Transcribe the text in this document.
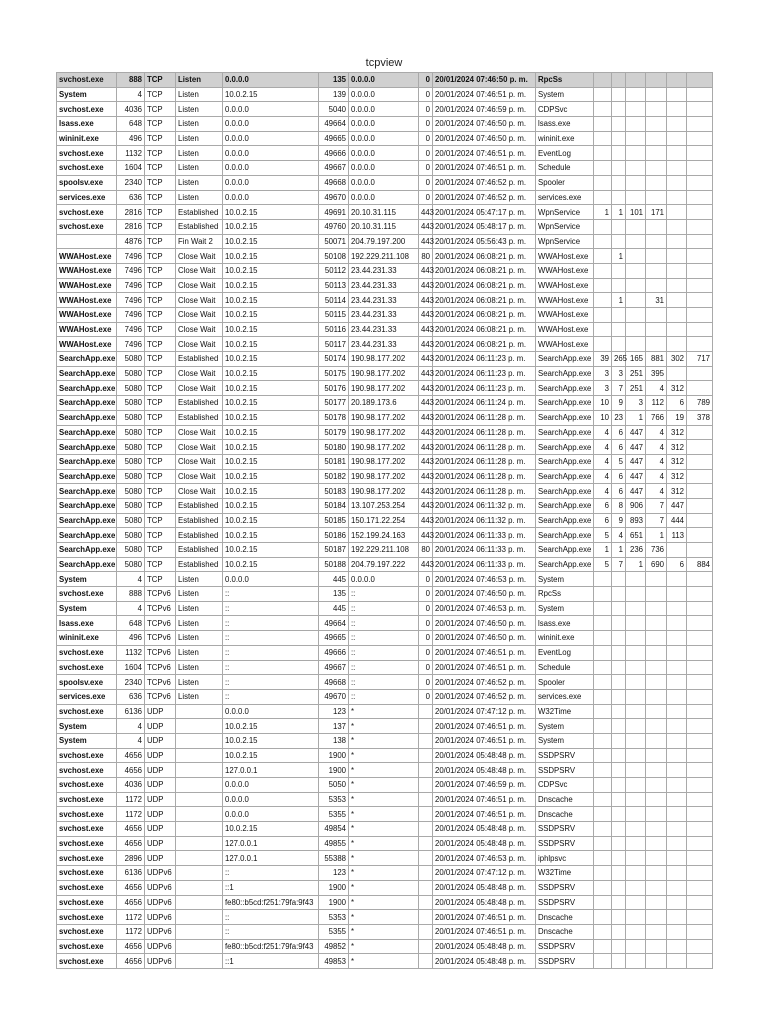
tcpview
svchost.exe	888	TCP	Listen	0.0.0.0	135	0.0.0.0	0	20/01/2024 07:46:50 p. m.	RpcSs						
System	4	TCP	Listen	10.0.2.15	139	0.0.0.0	0	20/01/2024 07:46:51 p. m.	System						
svchost.exe	4036	TCP	Listen	0.0.0.0	5040	0.0.0.0	0	20/01/2024 07:46:59 p. m.	CDPSvc						
lsass.exe	648	TCP	Listen	0.0.0.0	49664	0.0.0.0	0	20/01/2024 07:46:50 p. m.	lsass.exe						
wininit.exe	496	TCP	Listen	0.0.0.0	49665	0.0.0.0	0	20/01/2024 07:46:50 p. m.	wininit.exe						
svchost.exe	1132	TCP	Listen	0.0.0.0	49666	0.0.0.0	0	20/01/2024 07:46:51 p. m.	EventLog						
svchost.exe	1604	TCP	Listen	0.0.0.0	49667	0.0.0.0	0	20/01/2024 07:46:51 p. m.	Schedule						
spoolsv.exe	2340	TCP	Listen	0.0.0.0	49668	0.0.0.0	0	20/01/2024 07:46:52 p. m.	Spooler						
services.exe	636	TCP	Listen	0.0.0.0	49670	0.0.0.0	0	20/01/2024 07:46:52 p. m.	services.exe						
svchost.exe	2816	TCP	Established	10.0.2.15	49691	20.10.31.115	443	20/01/2024 05:47:17 p. m.	WpnService	1	1	101	171		
svchost.exe	2816	TCP	Established	10.0.2.15	49760	20.10.31.115	443	20/01/2024 05:48:17 p. m.	WpnService						
	4876	TCP	Fin Wait 2	10.0.2.15	50071	204.79.197.200	443	20/01/2024 05:56:43 p. m.	WpnService						
WWAHost.exe	7496	TCP	Close Wait	10.0.2.15	50108	192.229.211.108	80	20/01/2024 06:08:21 p. m.	WWAHost.exe		1				
WWAHost.exe	7496	TCP	Close Wait	10.0.2.15	50112	23.44.231.33	443	20/01/2024 06:08:21 p. m.	WWAHost.exe						
WWAHost.exe	7496	TCP	Close Wait	10.0.2.15	50113	23.44.231.33	443	20/01/2024 06:08:21 p. m.	WWAHost.exe						
WWAHost.exe	7496	TCP	Close Wait	10.0.2.15	50114	23.44.231.33	443	20/01/2024 06:08:21 p. m.	WWAHost.exe		1		31		
WWAHost.exe	7496	TCP	Close Wait	10.0.2.15	50115	23.44.231.33	443	20/01/2024 06:08:21 p. m.	WWAHost.exe						
WWAHost.exe	7496	TCP	Close Wait	10.0.2.15	50116	23.44.231.33	443	20/01/2024 06:08:21 p. m.	WWAHost.exe						
WWAHost.exe	7496	TCP	Close Wait	10.0.2.15	50117	23.44.231.33	443	20/01/2024 06:08:21 p. m.	WWAHost.exe						
SearchApp.exe	5080	TCP	Established	10.0.2.15	50174	190.98.177.202	443	20/01/2024 06:11:23 p. m.	SearchApp.exe	39	265	165	881	302	717
SearchApp.exe	5080	TCP	Close Wait	10.0.2.15	50175	190.98.177.202	443	20/01/2024 06:11:23 p. m.	SearchApp.exe	3	3	251	395		
SearchApp.exe	5080	TCP	Close Wait	10.0.2.15	50176	190.98.177.202	443	20/01/2024 06:11:23 p. m.	SearchApp.exe	3	7	251	4	312	
SearchApp.exe	5080	TCP	Established	10.0.2.15	50177	20.189.173.6	443	20/01/2024 06:11:24 p. m.	SearchApp.exe	10	9	3	112	6	789
SearchApp.exe	5080	TCP	Established	10.0.2.15	50178	190.98.177.202	443	20/01/2024 06:11:28 p. m.	SearchApp.exe	10	23	1	766	19	378
SearchApp.exe	5080	TCP	Close Wait	10.0.2.15	50179	190.98.177.202	443	20/01/2024 06:11:28 p. m.	SearchApp.exe	4	6	447	4	312	
SearchApp.exe	5080	TCP	Close Wait	10.0.2.15	50180	190.98.177.202	443	20/01/2024 06:11:28 p. m.	SearchApp.exe	4	6	447	4	312	
SearchApp.exe	5080	TCP	Close Wait	10.0.2.15	50181	190.98.177.202	443	20/01/2024 06:11:28 p. m.	SearchApp.exe	4	5	447	4	312	
SearchApp.exe	5080	TCP	Close Wait	10.0.2.15	50182	190.98.177.202	443	20/01/2024 06:11:28 p. m.	SearchApp.exe	4	6	447	4	312	
SearchApp.exe	5080	TCP	Close Wait	10.0.2.15	50183	190.98.177.202	443	20/01/2024 06:11:28 p. m.	SearchApp.exe	4	6	447	4	312	
SearchApp.exe	5080	TCP	Established	10.0.2.15	50184	13.107.253.254	443	20/01/2024 06:11:32 p. m.	SearchApp.exe	6	8	906	7	447	
SearchApp.exe	5080	TCP	Established	10.0.2.15	50185	150.171.22.254	443	20/01/2024 06:11:32 p. m.	SearchApp.exe	6	9	893	7	444	
SearchApp.exe	5080	TCP	Established	10.0.2.15	50186	152.199.24.163	443	20/01/2024 06:11:33 p. m.	SearchApp.exe	5	4	651	1	113	
SearchApp.exe	5080	TCP	Established	10.0.2.15	50187	192.229.211.108	80	20/01/2024 06:11:33 p. m.	SearchApp.exe	1	1	236	736		
SearchApp.exe	5080	TCP	Established	10.0.2.15	50188	204.79.197.222	443	20/01/2024 06:11:33 p. m.	SearchApp.exe	5	7	1	690	6	884
System	4	TCP	Listen	0.0.0.0	445	0.0.0.0	0	20/01/2024 07:46:53 p. m.	System						
svchost.exe	888	TCPv6	Listen	::	135	::	0	20/01/2024 07:46:50 p. m.	RpcSs						
System	4	TCPv6	Listen	::	445	::	0	20/01/2024 07:46:53 p. m.	System						
lsass.exe	648	TCPv6	Listen	::	49664	::	0	20/01/2024 07:46:50 p. m.	lsass.exe						
wininit.exe	496	TCPv6	Listen	::	49665	::	0	20/01/2024 07:46:50 p. m.	wininit.exe						
svchost.exe	1132	TCPv6	Listen	::	49666	::	0	20/01/2024 07:46:51 p. m.	EventLog						
svchost.exe	1604	TCPv6	Listen	::	49667	::	0	20/01/2024 07:46:51 p. m.	Schedule						
spoolsv.exe	2340	TCPv6	Listen	::	49668	::	0	20/01/2024 07:46:52 p. m.	Spooler						
services.exe	636	TCPv6	Listen	::	49670	::	0	20/01/2024 07:46:52 p. m.	services.exe						
svchost.exe	6136	UDP		0.0.0.0	123	*		20/01/2024 07:47:12 p. m.	W32Time						
System	4	UDP		10.0.2.15	137	*		20/01/2024 07:46:51 p. m.	System						
System	4	UDP		10.0.2.15	138	*		20/01/2024 07:46:51 p. m.	System						
svchost.exe	4656	UDP		10.0.2.15	1900	*		20/01/2024 05:48:48 p. m.	SSDPSRV						
svchost.exe	4656	UDP		127.0.0.1	1900	*		20/01/2024 05:48:48 p. m.	SSDPSRV						
svchost.exe	4036	UDP		0.0.0.0	5050	*		20/01/2024 07:46:59 p. m.	CDPSvc						
svchost.exe	1172	UDP		0.0.0.0	5353	*		20/01/2024 07:46:51 p. m.	Dnscache						
svchost.exe	1172	UDP		0.0.0.0	5355	*		20/01/2024 07:46:51 p. m.	Dnscache						
svchost.exe	4656	UDP		10.0.2.15	49854	*		20/01/2024 05:48:48 p. m.	SSDPSRV						
svchost.exe	4656	UDP		127.0.0.1	49855	*		20/01/2024 05:48:48 p. m.	SSDPSRV						
svchost.exe	2896	UDP		127.0.0.1	55388	*		20/01/2024 07:46:53 p. m.	iphlpsvc						
svchost.exe	6136	UDPv6		::	123	*		20/01/2024 07:47:12 p. m.	W32Time						
svchost.exe	4656	UDPv6		::1	1900	*		20/01/2024 05:48:48 p. m.	SSDPSRV						
svchost.exe	4656	UDPv6		fe80::b5cd:f251:79fa:9f43	1900	*		20/01/2024 05:48:48 p. m.	SSDPSRV						
svchost.exe	1172	UDPv6		::	5353	*		20/01/2024 07:46:51 p. m.	Dnscache						
svchost.exe	1172	UDPv6		::	5355	*		20/01/2024 07:46:51 p. m.	Dnscache						
svchost.exe	4656	UDPv6		fe80::b5cd:f251:79fa:9f43	49852	*		20/01/2024 05:48:48 p. m.	SSDPSRV						
svchost.exe	4656	UDPv6		::1	49853	*		20/01/2024 05:48:48 p. m.	SSDPSRV						
